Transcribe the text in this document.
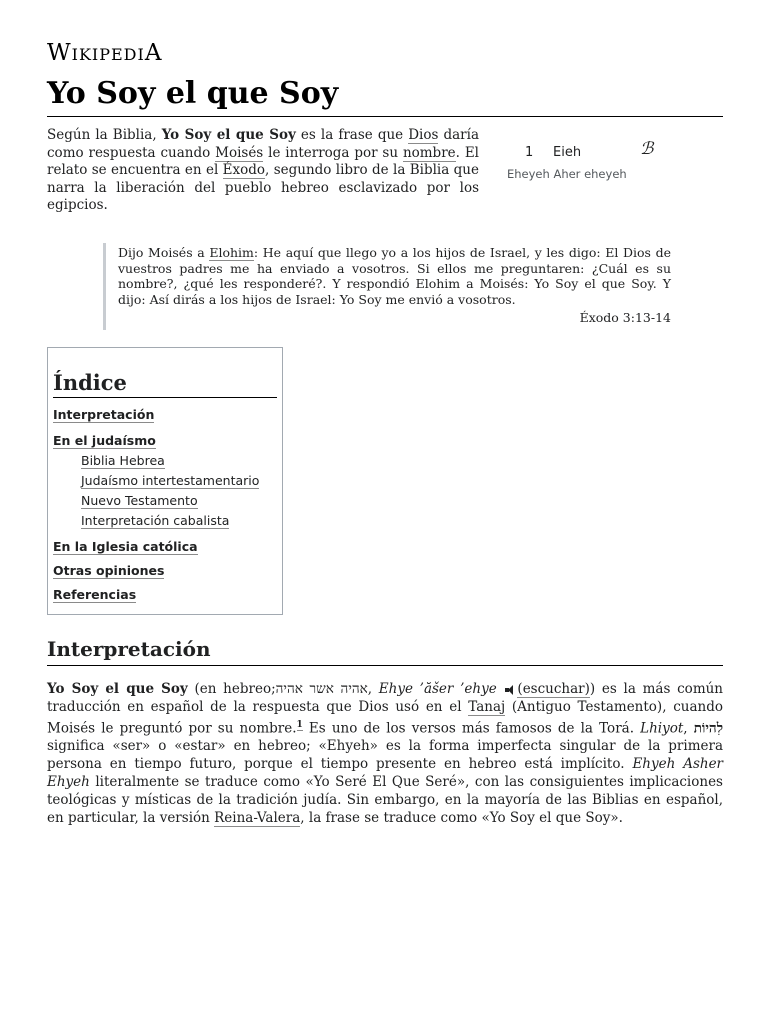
WIKIPEDIA
Yo Soy el que Soy
Según la Biblia, Yo Soy el que Soy es la frase que Dios daría como respuesta cuando Moisés le interroga por su nombre. El relato se encuentra en el Éxodo, segundo libro de la Biblia que narra la liberación del pueblo hebreo esclavizado por los egipcios.
1 Eieh	ℬ
Eheyeh Aher eheyeh
Dijo Moisés a Elohim: He aquí que llego yo a los hijos de Israel, y les digo: El Dios de vuestros padres me ha enviado a vosotros. Si ellos me preguntaren: ¿Cuál es su nombre?, ¿qué les responderé?. Y respondió Elohim a Moisés: Yo Soy el que Soy. Y dijo: Así dirás a los hijos de Israel: Yo Soy me envió a vosotros.
Éxodo 3:13-14
Índice
Interpretación
En el judaísmo
Biblia Hebrea
Judaísmo intertestamentario
Nuevo Testamento
Interpretación cabalista
En la Iglesia católica
Otras opiniones
Referencias
Interpretación
Yo Soy el que Soy (en hebreo;אהיה אשר אהיה, Ehye ’ăšer ’ehye (escuchar)) es la más común traducción en español de la respuesta que Dios usó en el Tanaj (Antiguo Testamento), cuando Moisés le preguntó por su nombre.$^1$ Es uno de los versos más famosos de la Torá. Lhiyot, לִהיוֹת significa «ser» o «estar» en hebreo; «Ehyeh» es la forma imperfecta singular de la primera persona en tiempo futuro, porque el tiempo presente en hebreo está implícito. Ehyeh Asher Ehyeh literalmente se traduce como «Yo Seré El Que Seré», con las consiguientes implicaciones teológicas y místicas de la tradición judía. Sin embargo, en la mayoría de las Biblias en español, en particular, la versión Reina-Valera, la frase se traduce como «Yo Soy el que Soy».
